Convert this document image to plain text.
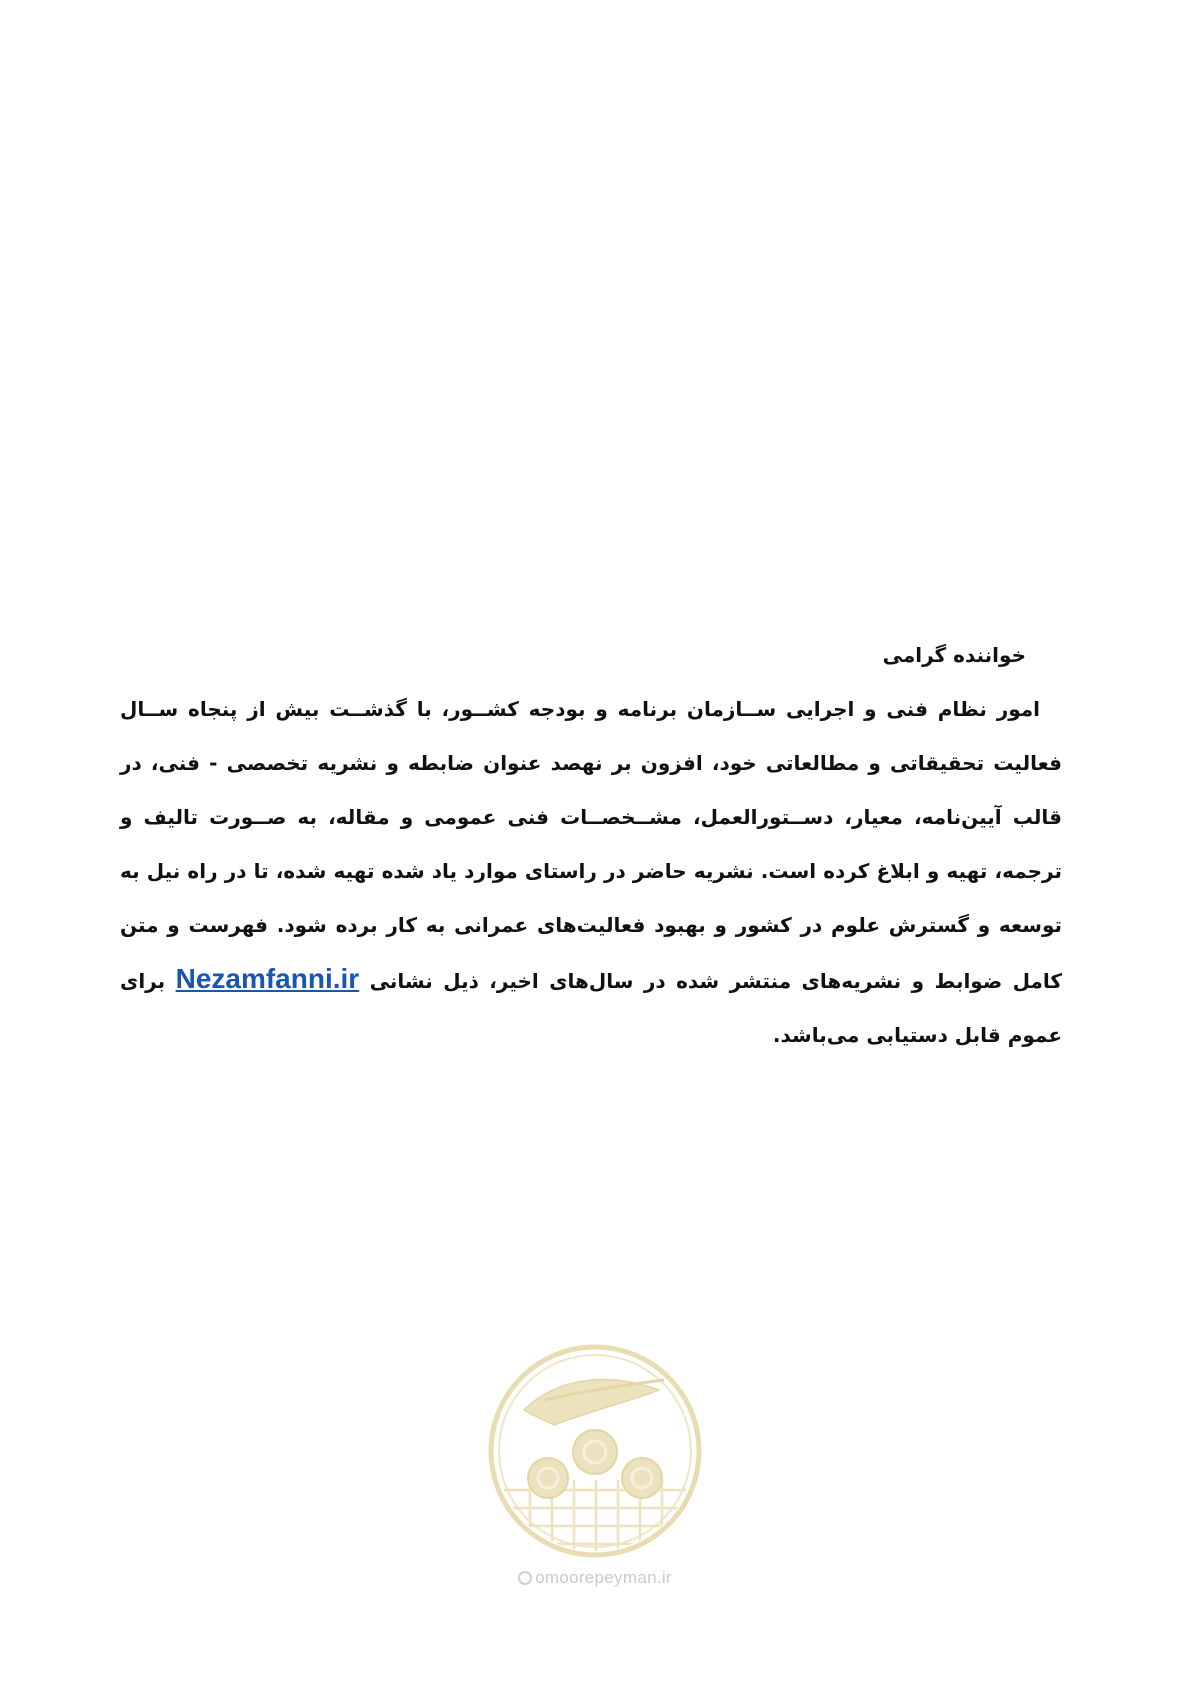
خواننده گرامی

امور نظام فنی و اجرایی ســازمان برنامه و بودجه کشــور، با گذشــت بیش از پنجاه ســال فعالیت تحقیقاتی و مطالعاتی خود، افزون بر نهصد عنوان ضابطه و نشریه تخصصی - فنی، در قالب آیین‌نامه، معیار، دســتورالعمل، مشــخصــات فنی عمومی و مقاله، به صــورت تالیف و ترجمه، تهیه و ابلاغ کرده است. نشریه حاضر در راستای موارد یاد شده تهیه شده، تا در راه نیل به توسعه و گسترش علوم در کشور و بهبود فعالیت‌های عمرانی به کار برده شود. فهرست و متن کامل ضوابط و نشریه‌های منتشر شده در سال‌های اخیر، ذیل نشانی Nezamfanni.ir برای عموم قابل دستیابی می‌باشد.

omoorepeyman.ir
